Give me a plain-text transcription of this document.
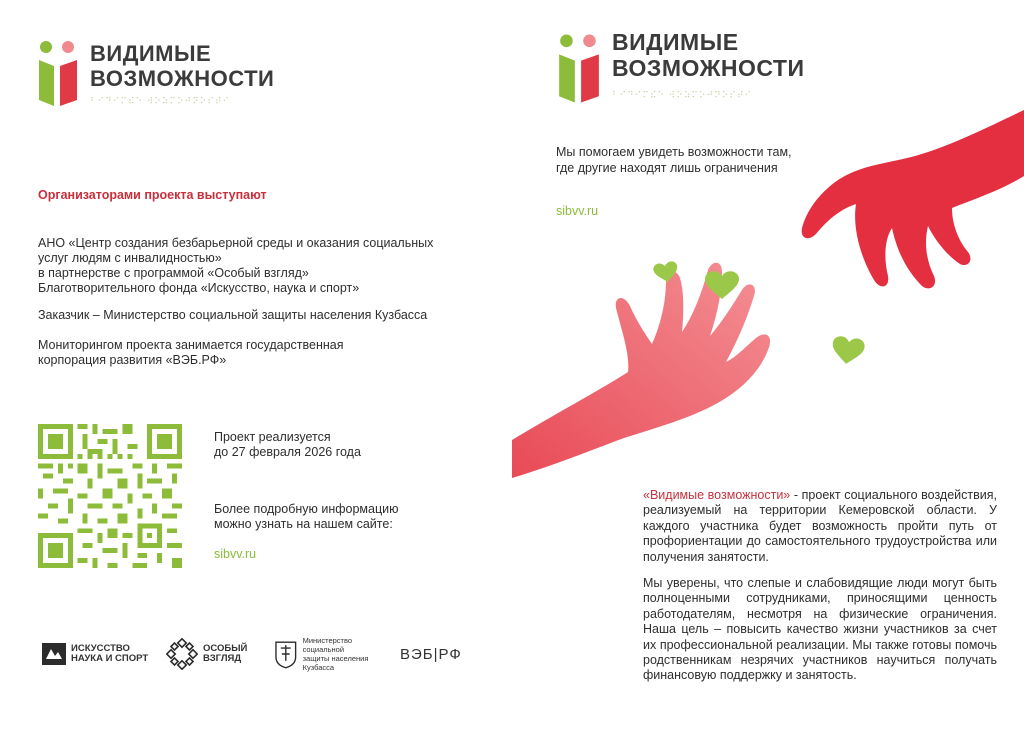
ВИДИМЫЕ
ВОЗМОЖНОСТИ
⠃⠊⠙⠊⠍⠮⠑ ⠺⠕⠵⠍⠕⠚⠝⠕⠎⠞⠊
Организаторами проекта выступают
АНО «Центр создания безбарьерной среды и оказания социальных
услуг людям с инвалидностью»
в партнерстве с программой «Особый взгляд»
Благотворительного фонда «Искусство, наука и спорт»
Заказчик – Министерство социальной защиты населения Кузбасса
Мониторингом проекта занимается государственная
корпорация развития «ВЭБ.РФ»
Проект реализуется
до 27 февраля 2026 года
Более подробную информацию
можно узнать на нашем сайте:
sibvv.ru
ИСКУССТВО
НАУКА И СПОРТ
ОСОБЫЙ
ВЗГЛЯД
Министерство социальной
защиты населения
Кузбасса
ВЭБ|РФ
ВИДИМЫЕ
ВОЗМОЖНОСТИ
⠃⠊⠙⠊⠍⠮⠑ ⠺⠕⠵⠍⠕⠚⠝⠕⠎⠞⠊
Мы помогаем увидеть возможности там,
где другие находят лишь ограничения
sibvv.ru
«Видимые возможности» - проект социального воздействия, реализуемый на территории Кемеровской области. У каждого участника будет возможность пройти путь от профориентации до самостоятельного трудоустройства или получения занятости.
Мы уверены, что слепые и слабовидящие люди могут быть полноценными сотрудниками, приносящими ценность работодателям, несмотря на физические ограничения. Наша цель – повысить качество жизни участников за счет их профессиональной реализации. Мы также готовы помочь родственникам незрячих участников научиться получать финансовую поддержку и занятость.
